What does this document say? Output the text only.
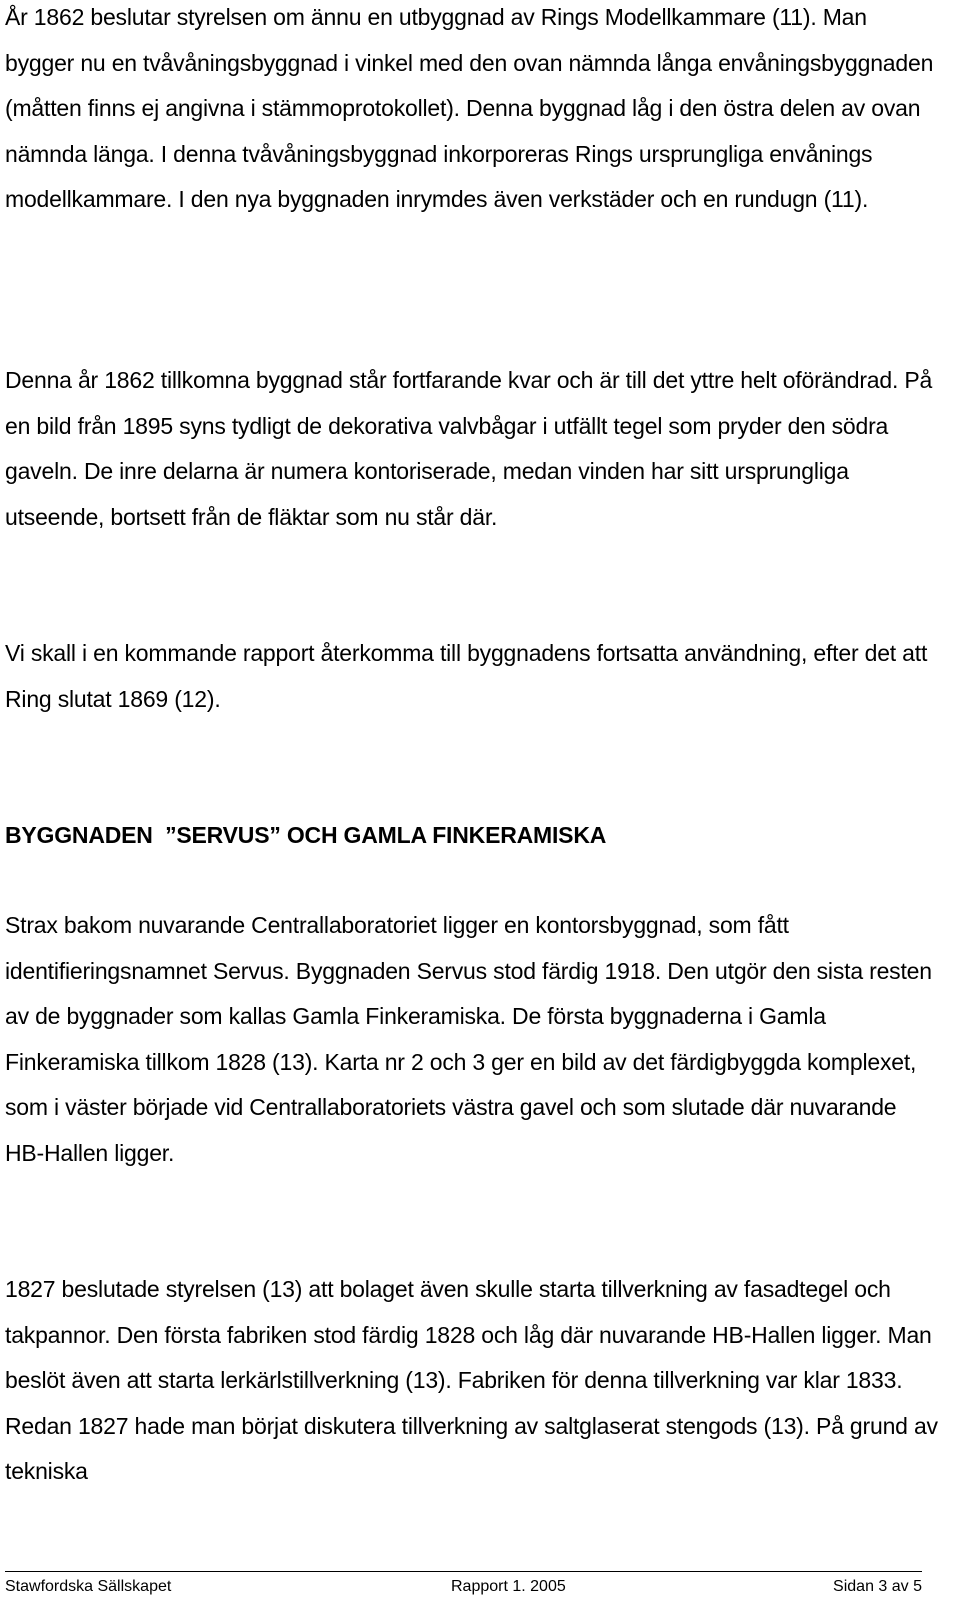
År 1862 beslutar styrelsen om ännu en utbyggnad av Rings Modellkammare (11). Man bygger nu en tvåvåningsbyggnad i vinkel med den ovan nämnda långa envåningsbyggnaden (måtten finns ej angivna i stämmoprotokollet). Denna byggnad låg i den östra delen av ovan nämnda länga. I denna tvåvåningsbyggnad inkorporeras Rings ursprungliga envånings modellkammare. I den nya byggnaden inrymdes även verkstäder och en rundugn (11).

Denna år 1862 tillkomna byggnad står fortfarande kvar och är till det yttre helt oförändrad. På en bild från 1895 syns tydligt de dekorativa valvbågar i utfällt tegel som pryder den södra gaveln. De inre delarna är numera kontoriserade, medan vinden har sitt ursprungliga utseende, bortsett från de fläktar som nu står där.

Vi skall i en kommande rapport återkomma till byggnadens fortsatta användning, efter det att Ring slutat 1869 (12).

BYGGNADEN  ”SERVUS” OCH GAMLA FINKERAMISKA

Strax bakom nuvarande Centrallaboratoriet ligger en kontorsbyggnad, som fått identifieringsnamnet Servus. Byggnaden Servus stod färdig 1918. Den utgör den sista resten av de byggnader som kallas Gamla Finkeramiska. De första byggnaderna i Gamla Finkeramiska tillkom 1828 (13). Karta nr 2 och 3 ger en bild av det färdigbyggda komplexet, som i väster började vid Centrallaboratoriets västra gavel och som slutade där nuvarande HB-Hallen ligger.

1827 beslutade styrelsen (13) att bolaget även skulle starta tillverkning av fasadtegel och takpannor. Den första fabriken stod färdig 1828 och låg där nuvarande HB-Hallen ligger. Man beslöt även att starta lerkärlstillverkning (13). Fabriken för denna tillverkning var klar 1833. Redan 1827 hade man börjat diskutera tillverkning av saltglaserat stengods (13). På grund av tekniska

Stawfordska Sällskapet	Rapport 1. 2005	Sidan 3 av 5
